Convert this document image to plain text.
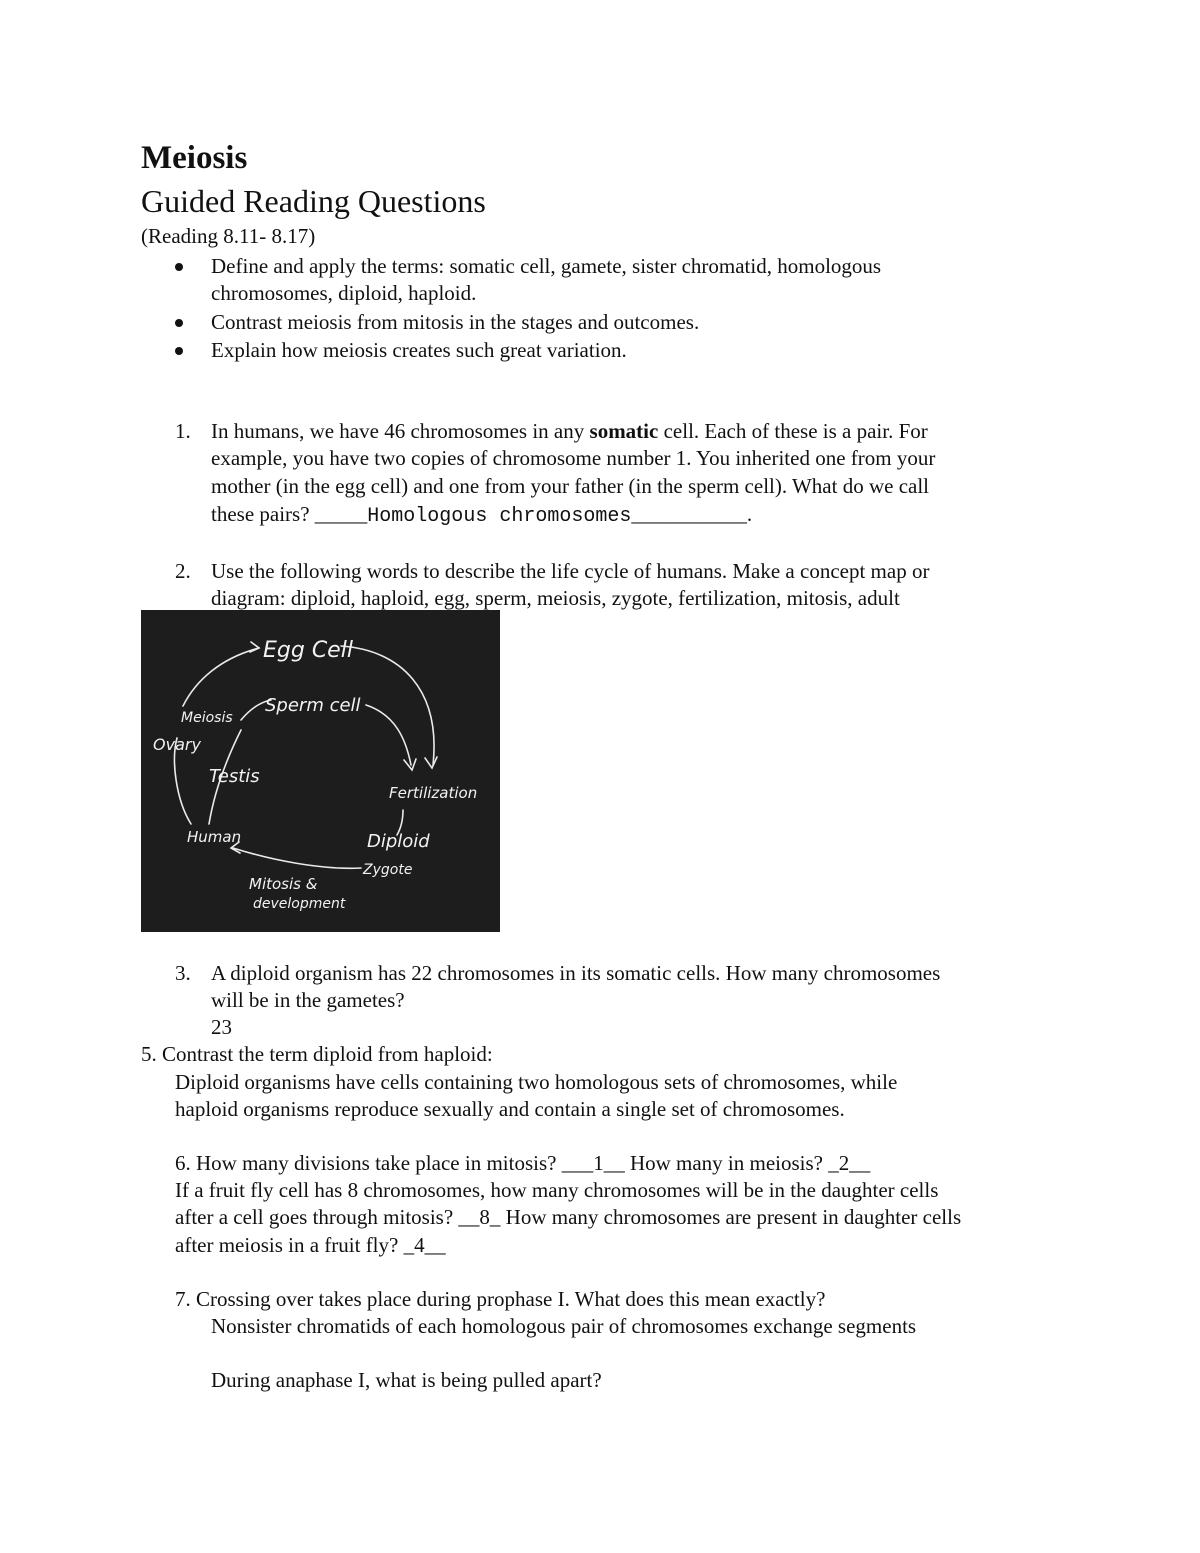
Meiosis
Guided Reading Questions
(Reading 8.11- 8.17)
Define and apply the terms: somatic cell, gamete, sister chromatid, homologous
chromosomes, diploid, haploid.
Contrast meiosis from mitosis in the stages and outcomes.
Explain how meiosis creates such great variation.
1. In humans, we have 46 chromosomes in any somatic cell. Each of these is a pair. For
example, you have two copies of chromosome number 1. You inherited one from your
mother (in the egg cell) and one from your father (in the sperm cell). What do we call
these pairs? _____Homologous chromosomes___________.
2. Use the following words to describe the life cycle of humans. Make a concept map or
diagram: diploid, haploid, egg, sperm, meiosis, zygote, fertilization, mitosis, adult
Egg Cell
Sperm cell
Meiosis
Ovary
Testis
Fertilization
Diploid
Zygote
Human
Mitosis &
development
3. A diploid organism has 22 chromosomes in its somatic cells. How many chromosomes
will be in the gametes?
23
5. Contrast the term diploid from haploid:
Diploid organisms have cells containing two homologous sets of chromosomes, while
haploid organisms reproduce sexually and contain a single set of chromosomes.
6. How many divisions take place in mitosis? ___1__ How many in meiosis? _2__
If a fruit fly cell has 8 chromosomes, how many chromosomes will be in the daughter cells
after a cell goes through mitosis? __8_ How many chromosomes are present in daughter cells
after meiosis in a fruit fly? _4__
7. Crossing over takes place during prophase I. What does this mean exactly?
Nonsister chromatids of each homologous pair of chromosomes exchange segments
During anaphase I, what is being pulled apart?
